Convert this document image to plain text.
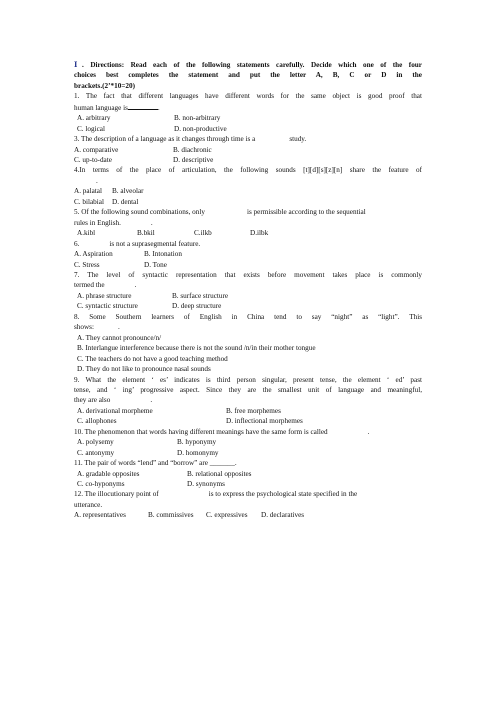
Ⅰ. Directions: Read each of the following statements carefully. Decide which one of the four
choices best completes the statement and put the letter A, B, C or D in the
brackets.(2’*10=20)
1. The fact that different languages have different words for the same object is good proof that
human language is	.
A. arbitrary	B. non-arbitrary
C. logical	D. non-productive
3. The description of a language as it changes through time is a	study.
A. comparative	B. diachronic
C. up-to-date	D. descriptive
4.In terms of the place of articulation, the following sounds [t][d][s][z][n] share the feature of
.
A. palatal B. alveolar
C. bilabial D. dental
5. Of the following sound combinations, only	is permissible according to the sequential
rules in English.	.
A.kibl	B.bkil	C.ilkb	D.ilbk
6.	is not a suprasegmental feature.
A. Aspiration	B. Intonation
C. Stress	D. Tone
7. The level of syntactic representation that exists before movement takes place is commonly
termed the	.
A. phrase structure	B. surface structure
C. syntactic structure	D. deep structure
8. Some Southern learners of English in China tend to say “night” as “light”. This
shows:	.
A. They cannot pronounce/n/
B. Interlangue interference because there is not the sound /n/in their mother tongue
C. The teachers do not have a good teaching method
D. They do not like to pronounce nasal sounds
9. What the element ‘ es’ indicates is third person singular, present tense, the element ‘ ed’ past
tense, and ‘ ing’ progressive aspect. Since they are the smallest unit of language and meaningful,
they are also	.
A. derivational morpheme	B. free morphemes
C. allophones	D. inflectional morphemes
10. The phenomenon that words having different meanings have the same form is called	.
A. polysemy	B. hyponymy
C. antonymy	D. homonymy
11. The pair of words “lend” and “borrow” are _______.
A. gradable opposites	B. relational opposites
C. co-hyponyms	D. synonyms
12. The illocutionary point of	is to express the psychological state specified in the
utterance.
A. representatives	B. commissives C. expressives D. declaratives
